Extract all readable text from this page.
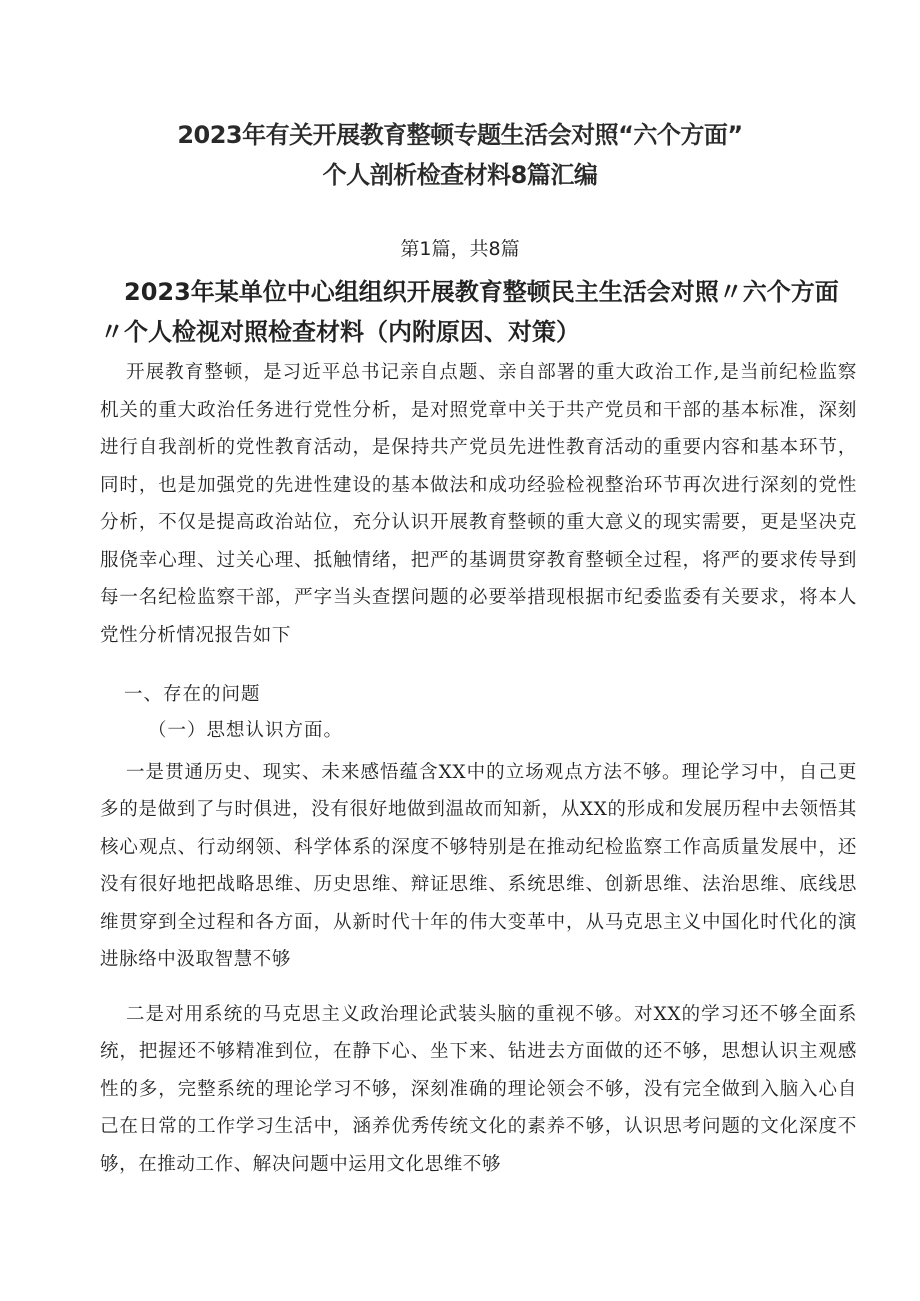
2023年有关开展教育整顿专题生活会对照“六个方面”
个人剖析检查材料8篇汇编
第1篇，共8篇
2023年某单位中心组组织开展教育整顿民主生活会对照〃六个方面〃个人检视对照检查材料（内附原因、对策）

开展教育整顿，是习近平总书记亲自点题、亲自部署的重大政治工作,是当前纪检监察机关的重大政治任务进行党性分析，是对照党章中关于共产党员和干部的基本标准，深刻进行自我剖析的党性教育活动，是保持共产党员先进性教育活动的重要内容和基本环节，同时，也是加强党的先进性建设的基本做法和成功经验检视整治环节再次进行深刻的党性分析，不仅是提高政治站位，充分认识开展教育整顿的重大意义的现实需要，更是坚决克服侥幸心理、过关心理、抵触情绪，把严的基调贯穿教育整顿全过程，将严的要求传导到每一名纪检监察干部，严字当头查摆问题的必要举措现根据市纪委监委有关要求，将本人党性分析情况报告如下

一、存在的问题

（一）思想认识方面。

一是贯通历史、现实、未来感悟蕴含XX中的立场观点方法不够。理论学习中，自己更多的是做到了与时俱进，没有很好地做到温故而知新，从XX的形成和发展历程中去领悟其核心观点、行动纲领、科学体系的深度不够特别是在推动纪检监察工作高质量发展中，还没有很好地把战略思维、历史思维、辩证思维、系统思维、创新思维、法治思维、底线思维贯穿到全过程和各方面，从新时代十年的伟大变革中，从马克思主义中国化时代化的演进脉络中汲取智慧不够

二是对用系统的马克思主义政治理论武装头脑的重视不够。对XX的学习还不够全面系统，把握还不够精准到位，在静下心、坐下来、钻进去方面做的还不够，思想认识主观感性的多，完整系统的理论学习不够，深刻准确的理论领会不够，没有完全做到入脑入心自己在日常的工作学习生活中，涵养优秀传统文化的素养不够，认识思考问题的文化深度不够，在推动工作、解决问题中运用文化思维不够
